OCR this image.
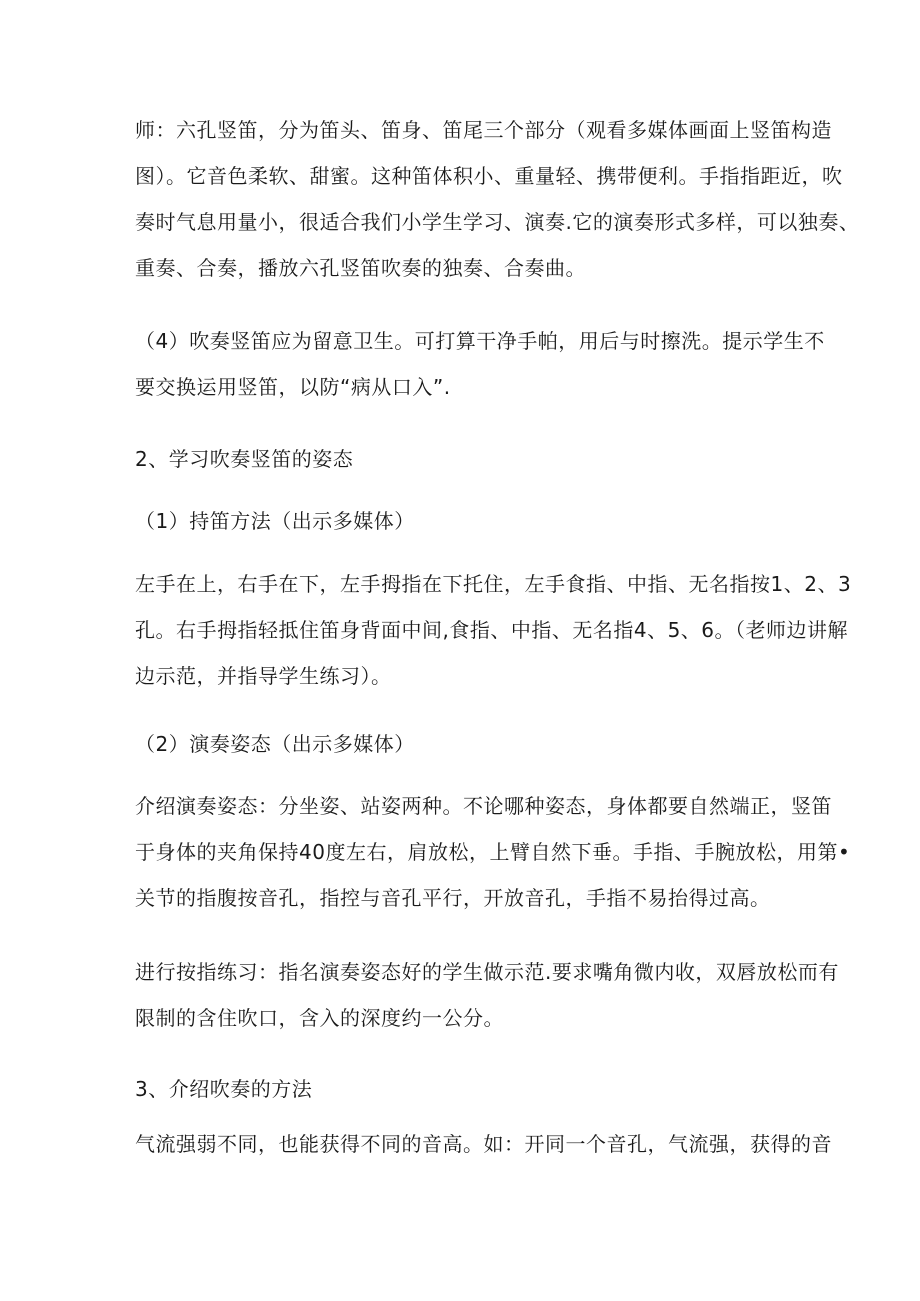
师：六孔竖笛，分为笛头、笛身、笛尾三个部分（观看多媒体画面上竖笛构造
图）。它音色柔软、甜蜜。这种笛体积小、重量轻、携带便利。手指指距近，吹
奏时气息用量小，很适合我们小学生学习、演奏.它的演奏形式多样，可以独奏、
重奏、合奏，播放六孔竖笛吹奏的独奏、合奏曲。
（4）吹奏竖笛应为留意卫生。可打算干净手帕，用后与时擦洗。提示学生不
要交换运用竖笛，以防“病从口入”.
2、学习吹奏竖笛的姿态
（1）持笛方法（出示多媒体）
左手在上，右手在下，左手拇指在下托住，左手食指、中指、无名指按1、2、3
孔。右手拇指轻抵住笛身背面中间,食指、中指、无名指4、5、6。（老师边讲解
边示范，并指导学生练习）。
（2）演奏姿态（出示多媒体）
介绍演奏姿态：分坐姿、站姿两种。不论哪种姿态，身体都要自然端正，竖笛
于身体的夹角保持40度左右，肩放松，上臂自然下垂。手指、手腕放松，用第•
关节的指腹按音孔，指控与音孔平行，开放音孔，手指不易抬得过高。
进行按指练习：指名演奏姿态好的学生做示范.要求嘴角微内收，双唇放松而有
限制的含住吹口，含入的深度约一公分。
3、介绍吹奏的方法
气流强弱不同，也能获得不同的音高。如：开同一个音孔，气流强，获得的音
